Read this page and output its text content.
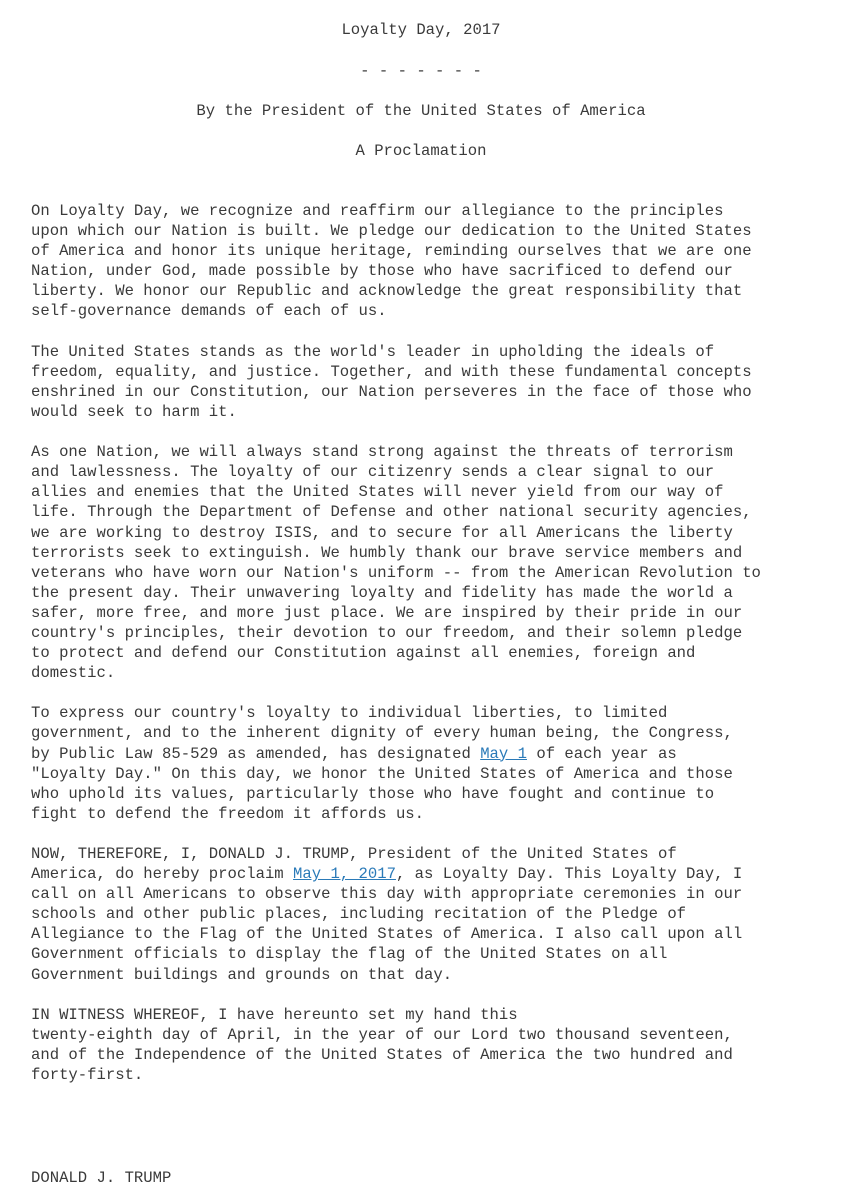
Loyalty Day, 2017
- - - - - - -
By the President of the United States of America
A Proclamation
On Loyalty Day, we recognize and reaffirm our allegiance to the principles
upon which our Nation is built. We pledge our dedication to the United States
of America and honor its unique heritage, reminding ourselves that we are one
Nation, under God, made possible by those who have sacrificed to defend our
liberty. We honor our Republic and acknowledge the great responsibility that
self-governance demands of each of us.
The United States stands as the world's leader in upholding the ideals of
freedom, equality, and justice. Together, and with these fundamental concepts
enshrined in our Constitution, our Nation perseveres in the face of those who
would seek to harm it.
As one Nation, we will always stand strong against the threats of terrorism
and lawlessness. The loyalty of our citizenry sends a clear signal to our
allies and enemies that the United States will never yield from our way of
life. Through the Department of Defense and other national security agencies,
we are working to destroy ISIS, and to secure for all Americans the liberty
terrorists seek to extinguish. We humbly thank our brave service members and
veterans who have worn our Nation's uniform -- from the American Revolution to
the present day. Their unwavering loyalty and fidelity has made the world a
safer, more free, and more just place. We are inspired by their pride in our
country's principles, their devotion to our freedom, and their solemn pledge
to protect and defend our Constitution against all enemies, foreign and
domestic.
To express our country's loyalty to individual liberties, to limited
government, and to the inherent dignity of every human being, the Congress,
by Public Law 85-529 as amended, has designated May 1 of each year as
"Loyalty Day." On this day, we honor the United States of America and those
who uphold its values, particularly those who have fought and continue to
fight to defend the freedom it affords us.
NOW, THEREFORE, I, DONALD J. TRUMP, President of the United States of
America, do hereby proclaim May 1, 2017, as Loyalty Day. This Loyalty Day, I
call on all Americans to observe this day with appropriate ceremonies in our
schools and other public places, including recitation of the Pledge of
Allegiance to the Flag of the United States of America. I also call upon all
Government officials to display the flag of the United States on all
Government buildings and grounds on that day.
IN WITNESS WHEREOF, I have hereunto set my hand this
twenty-eighth day of April, in the year of our Lord two thousand seventeen,
and of the Independence of the United States of America the two hundred and
forty-first.
DONALD J. TRUMP
